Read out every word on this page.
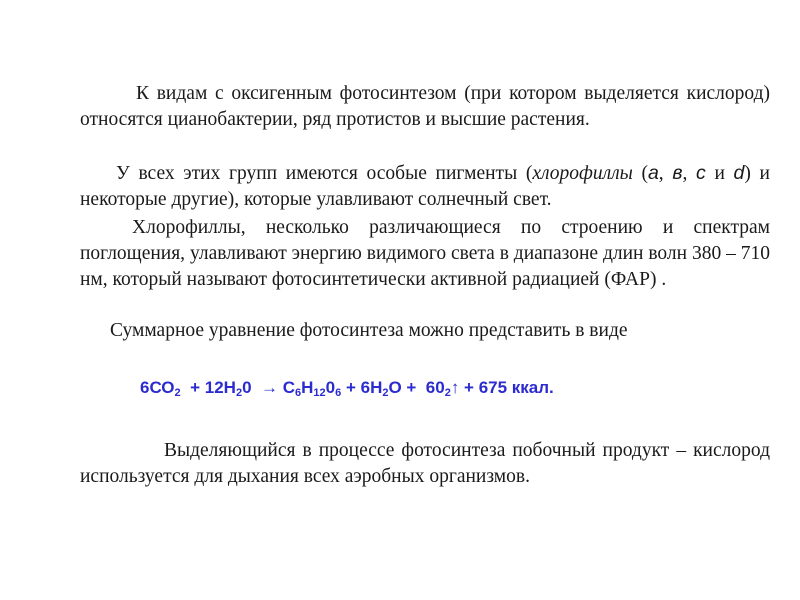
К видам с оксигенным фотосинтезом (при котором выделяется кислород) относятся цианобактерии, ряд протистов и высшие растения.

У всех этих групп имеются особые пигменты (хлорофиллы (а, в, с и d) и некоторые другие), которые улавливают солнечный свет.

Хлорофиллы, несколько различающиеся по строению и спектрам поглощения, улавливают энергию видимого света в диапазоне длин волн 380 – 710 нм, который называют фотосинтетически активной радиацией (ФАР) .

Суммарное уравнение фотосинтеза можно представить в виде

$6СО_2 + 12Н_20 \to С_6Н_{12}0_6 + 6Н_2О$ +  $60_2↑ + 675$ ккал.

Выделяющийся в процессе фотосинтеза побочный продукт – кислород используется для дыхания всех аэробных организмов.
